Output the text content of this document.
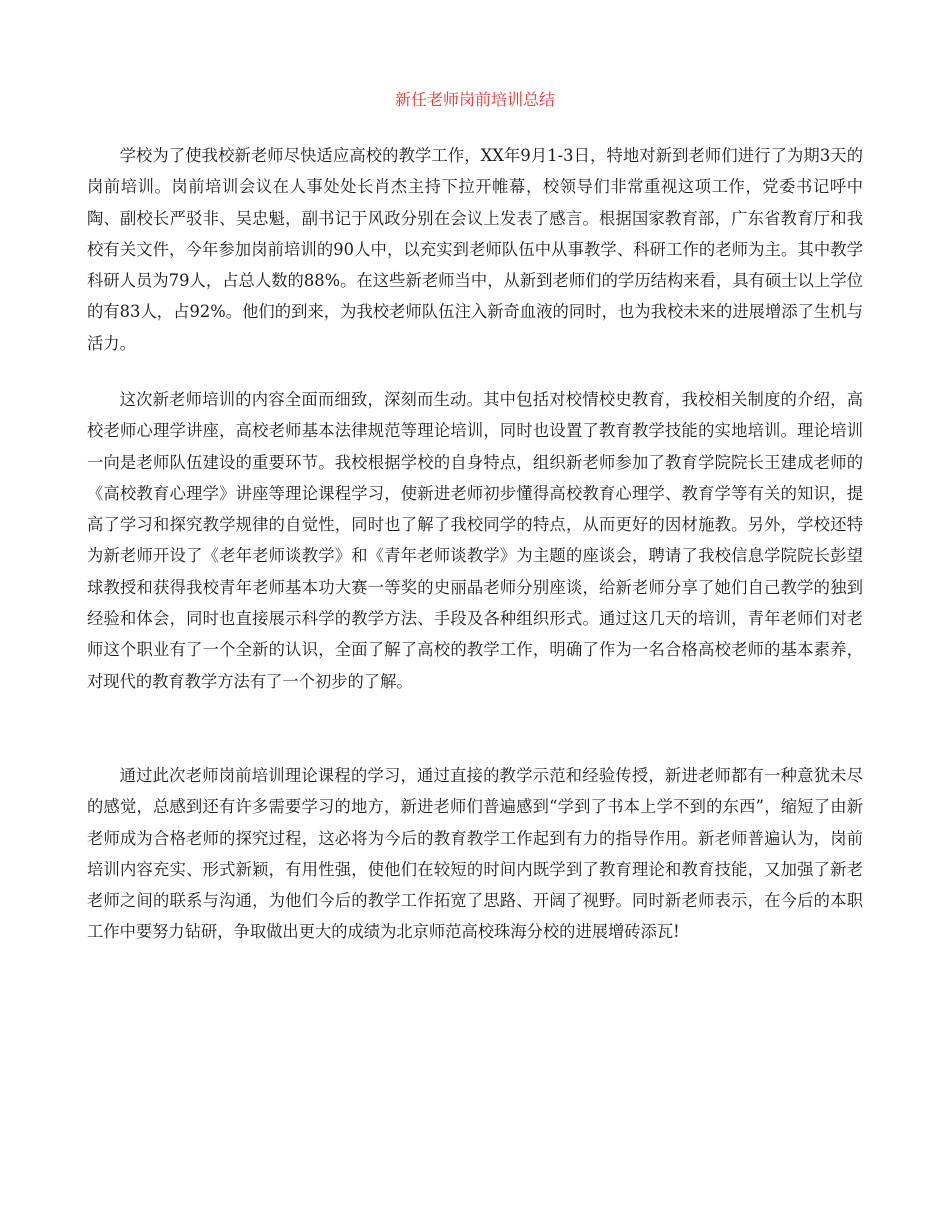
新任老师岗前培训总结

学校为了使我校新老师尽快适应高校的教学工作，XX年9月1-3日，特地对新到老师们进行了为期3天的岗前培训。岗前培训会议在人事处处长肖杰主持下拉开帷幕，校领导们非常重视这项工作，党委书记呼中陶、副校长严驳非、吴忠魁，副书记于风政分别在会议上发表了感言。根据国家教育部，广东省教育厅和我校有关文件，今年参加岗前培训的90人中，以充实到老师队伍中从事教学、科研工作的老师为主。其中教学科研人员为79人，占总人数的88%。在这些新老师当中，从新到老师们的学历结构来看，具有硕士以上学位的有83人，占92%。他们的到来，为我校老师队伍注入新奇血液的同时，也为我校未来的进展增添了生机与活力。

这次新老师培训的内容全面而细致，深刻而生动。其中包括对校情校史教育，我校相关制度的介绍，高校老师心理学讲座，高校老师基本法律规范等理论培训，同时也设置了教育教学技能的实地培训。理论培训一向是老师队伍建设的重要环节。我校根据学校的自身特点，组织新老师参加了教育学院院长王建成老师的《高校教育心理学》讲座等理论课程学习，使新进老师初步懂得高校教育心理学、教育学等有关的知识，提高了学习和探究教学规律的自觉性，同时也了解了我校同学的特点，从而更好的因材施教。另外，学校还特为新老师开设了《老年老师谈教学》和《青年老师谈教学》为主题的座谈会，聘请了我校信息学院院长彭望球教授和获得我校青年老师基本功大赛一等奖的史丽晶老师分别座谈，给新老师分享了她们自己教学的独到经验和体会，同时也直接展示科学的教学方法、手段及各种组织形式。通过这几天的培训，青年老师们对老师这个职业有了一个全新的认识，全面了解了高校的教学工作，明确了作为一名合格高校老师的基本素养，对现代的教育教学方法有了一个初步的了解。

通过此次老师岗前培训理论课程的学习，通过直接的教学示范和经验传授，新进老师都有一种意犹未尽的感觉，总感到还有许多需要学习的地方，新进老师们普遍感到“学到了书本上学不到的东西”，缩短了由新老师成为合格老师的探究过程，这必将为今后的教育教学工作起到有力的指导作用。新老师普遍认为，岗前培训内容充实、形式新颖，有用性强，使他们在较短的时间内既学到了教育理论和教育技能，又加强了新老老师之间的联系与沟通，为他们今后的教学工作拓宽了思路、开阔了视野。同时新老师表示，在今后的本职工作中要努力钻研，争取做出更大的成绩为北京师范高校珠海分校的进展增砖添瓦!
